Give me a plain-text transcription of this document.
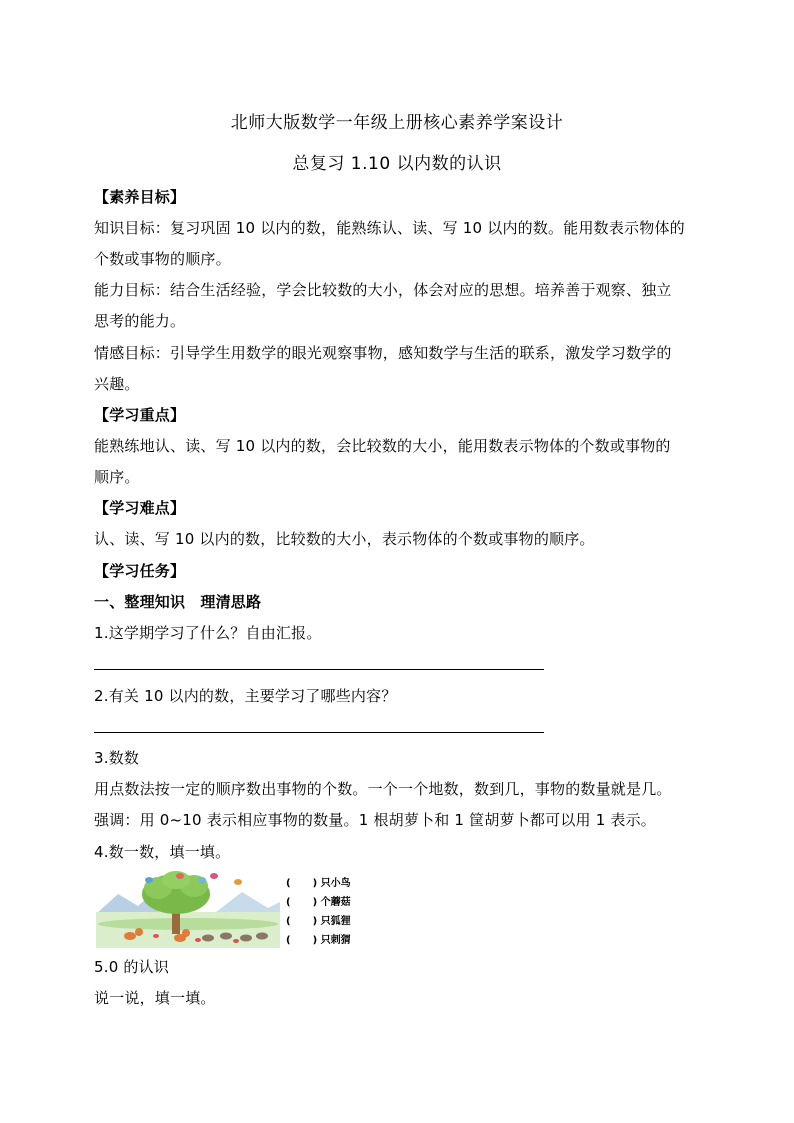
北师大版数学一年级上册核心素养学案设计
总复习 1.10 以内数的认识
【素养目标】
知识目标：复习巩固 10 以内的数，能熟练认、读、写 10 以内的数。能用数表示物体的
个数或事物的顺序。
能力目标：结合生活经验，学会比较数的大小，体会对应的思想。培养善于观察、独立
思考的能力。
情感目标：引导学生用数学的眼光观察事物，感知数学与生活的联系，激发学习数学的
兴趣。
【学习重点】
能熟练地认、读、写 10 以内的数，会比较数的大小，能用数表示物体的个数或事物的
顺序。
【学习难点】
认、读、写 10 以内的数，比较数的大小，表示物体的个数或事物的顺序。
【学习任务】
一、整理知识　理清思路
1.这学期学习了什么？自由汇报。
2.有关 10 以内的数，主要学习了哪些内容？
3.数数
用点数法按一定的顺序数出事物的个数。一个一个地数，数到几，事物的数量就是几。
强调：用 0~10 表示相应事物的数量。1 根胡萝卜和 1 筐胡萝卜都可以用 1 表示。
4.数一数，填一填。
( ) 只小鸟
( ) 个蘑菇
( ) 只狐狸
( ) 只刺猬
5.0 的认识
说一说，填一填。
